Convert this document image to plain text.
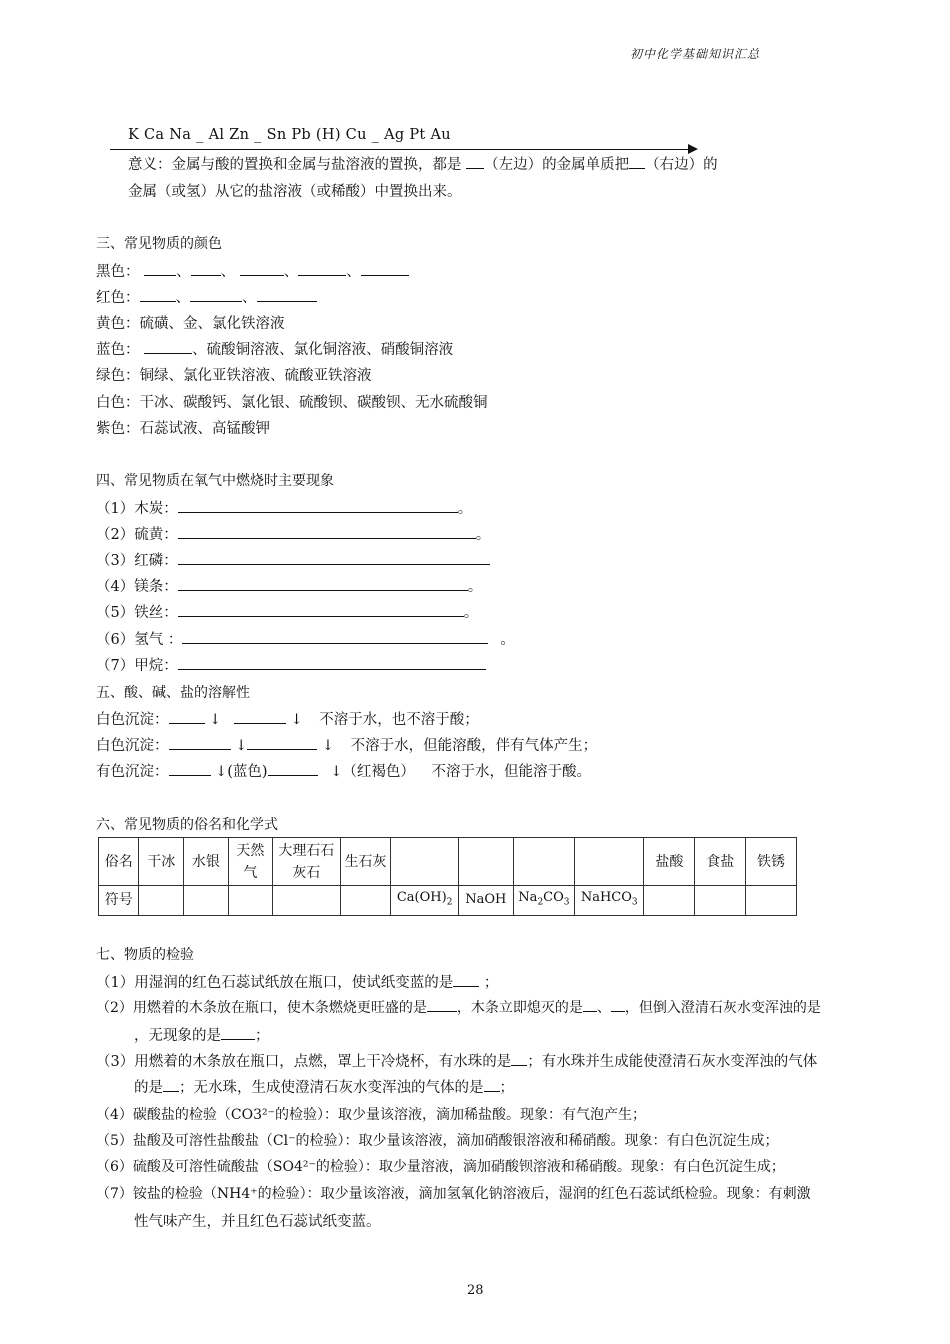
初中化学基础知识汇总
K Ca Na _ Al Zn _ Sn Pb (H) Cu _ Ag Pt Au
意义：金属与酸的置换和金属与盐溶液的置换，都是 （左边）的金属单质把 （右边）的
金属（或氢）从它的盐溶液（或稀酸）中置换出来。
三、常见物质的颜色
黑色：	、 、	、	、
红色： 、	、
黄色：硫磺、金、氯化铁溶液
蓝色：	、硫酸铜溶液、氯化铜溶液、硝酸铜溶液
绿色：铜绿、氯化亚铁溶液、硫酸亚铁溶液
白色：干冰、碳酸钙、氯化银、硫酸钡、碳酸钡、无水硫酸铜
紫色：石蕊试液、高锰酸钾
四、常见物质在氧气中燃烧时主要现象
（1）木炭：	。
（2）硫黄：	。
（3）红磷：
（4）镁条：	。
（5）铁丝：	。
（6）氢气 ：	。
（7）甲烷：
五、酸、碱、盐的溶解性
白色沉淀：	↓	↓ 不溶于水，也不溶于酸；
白色沉淀：	↓	↓ 不溶于水，但能溶酸，伴有气体产生；
有色沉淀：	↓(蓝色)	↓（红褐色） 不溶于水，但能溶于酸。
六、常见物质的俗名和化学式
俗名	干冰	水银	天然气	大理石石灰石	生石灰					盐酸	食盐	铁锈
符号						$Ca(OH)_2$	NaOH	$Na_2CO_3$	NaHCO$_3$			
七、物质的检验
（1）用湿润的红色石蕊试纸放在瓶口，使试纸变蓝的是 ；
（2）用燃着的木条放在瓶口，使木条燃烧更旺盛的是 ，木条立即熄灭的是 、 ，但倒入澄清石灰水变浑浊的是
，无现象的是 ；
（3）用燃着的木条放在瓶口，点燃，罩上干冷烧杯，有水珠的是 ；有水珠并生成能使澄清石灰水变浑浊的气体
的是 ；无水珠，生成使澄清石灰水变浑浊的气体的是 ；
（4）碳酸盐的检验（CO3²⁻的检验）：取少量该溶液，滴加稀盐酸。现象：有气泡产生；
（5）盐酸及可溶性盐酸盐（Cl⁻的检验）：取少量该溶液，滴加硝酸银溶液和稀硝酸。现象：有白色沉淀生成；
（6）硫酸及可溶性硫酸盐（SO4²⁻的检验）：取少量溶液，滴加硝酸钡溶液和稀硝酸。现象：有白色沉淀生成；
（7）铵盐的检验（NH4⁺的检验）：取少量该溶液，滴加氢氧化钠溶液后，湿润的红色石蕊试纸检验。现象：有刺激
性气味产生，并且红色石蕊试纸变蓝。
28
